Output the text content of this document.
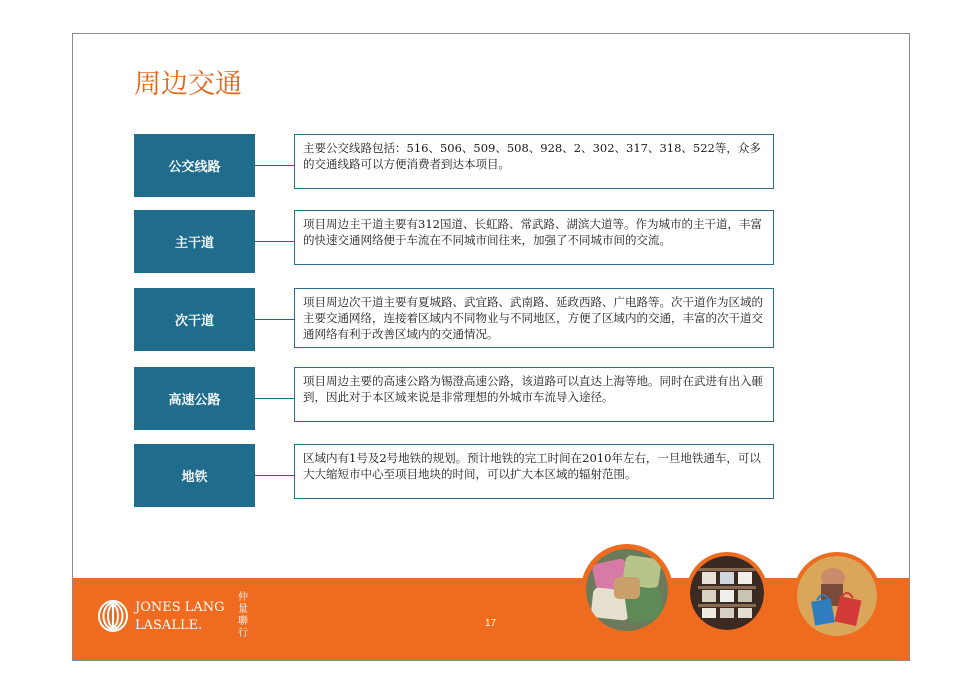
周边交通
公交线路
主要公交线路包括：516、506、509、508、928、2、302、317、318、522等，众多的交通线路可以方便消费者到达本项目。
主干道
项目周边主干道主要有312国道、长虹路、常武路、湖滨大道等。作为城市的主干道，丰富的快速交通网络便于车流在不同城市间往来，加强了不同城市间的交流。
次干道
项目周边次干道主要有夏城路、武宜路、武南路、延政西路、广电路等。次干道作为区域的主要交通网络，连接着区域内不同物业与不同地区，方便了区域内的交通，丰富的次干道交通网络有利于改善区域内的交通情况。
高速公路
项目周边主要的高速公路为锡澄高速公路，该道路可以直达上海等地。同时在武进有出入砸到，因此对于本区域来说是非常理想的外城市车流导入途径。
地铁
区域内有1号及2号地铁的规划。预计地铁的完工时间在2010年左右，一旦地铁通车，可以大大缩短市中心至项目地块的时间，可以扩大本区域的辐射范围。
JONES LANG
LASALLE.
仲量聯行
17
